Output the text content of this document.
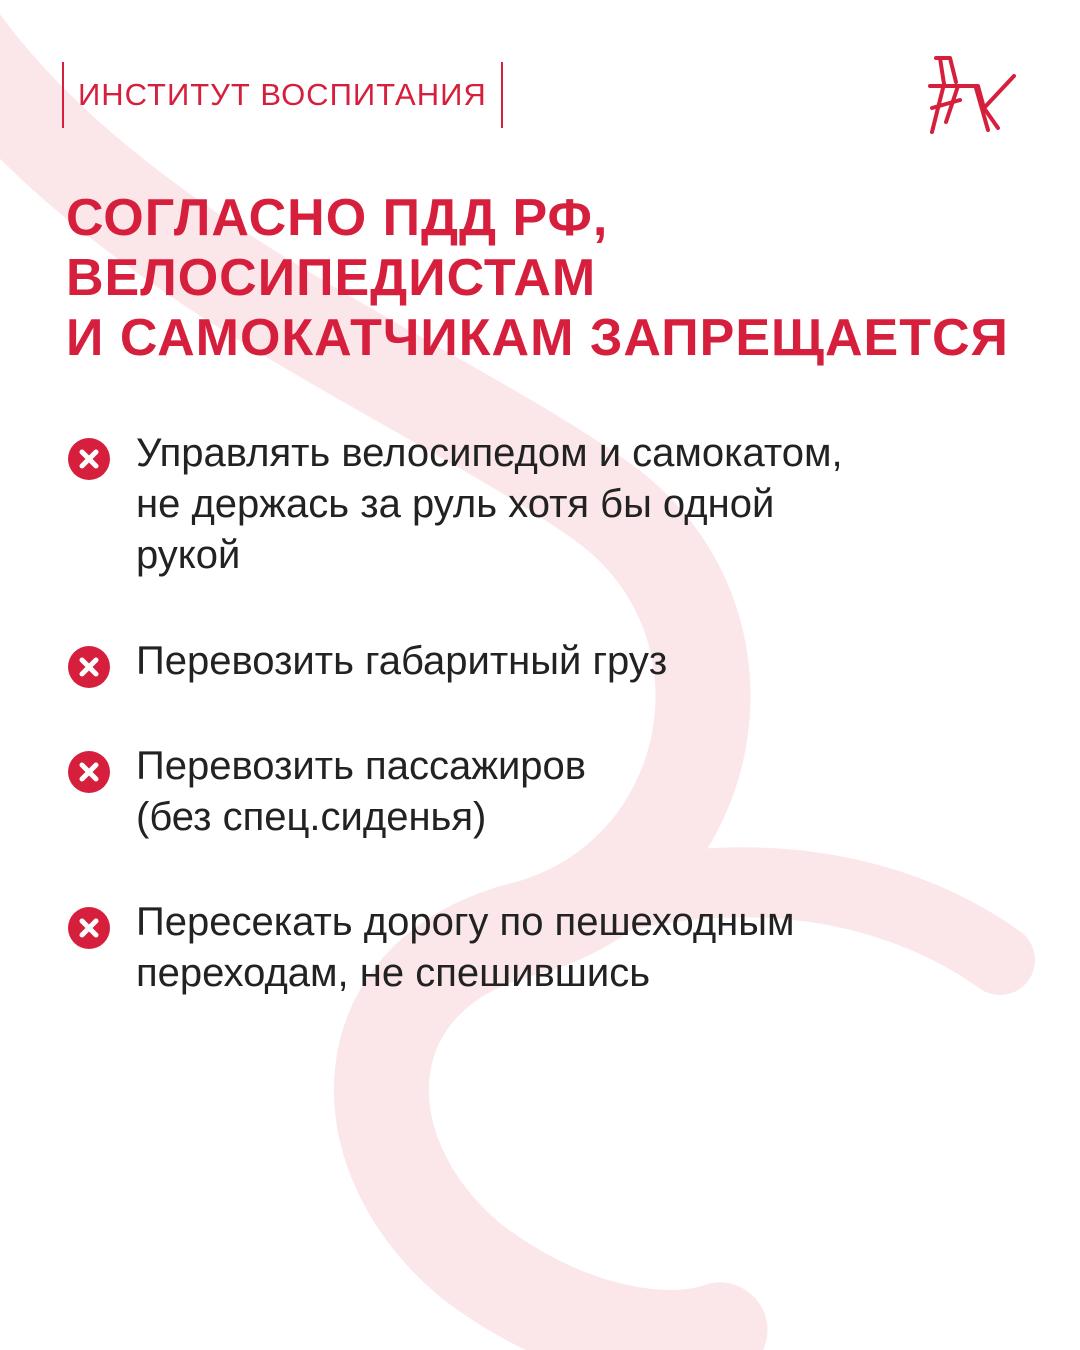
ИНСТИТУТ ВОСПИТАНИЯ
СОГЛАСНО ПДД РФ,
ВЕЛОСИПЕДИСТАМ
И САМОКАТЧИКАМ ЗАПРЕЩАЕТСЯ
Управлять велосипедом и самокатом,
не держась за руль хотя бы одной
рукой
Перевозить габаритный груз
Перевозить пассажиров
(без спец.сиденья)
Пересекать дорогу по пешеходным
переходам, не спешившись
